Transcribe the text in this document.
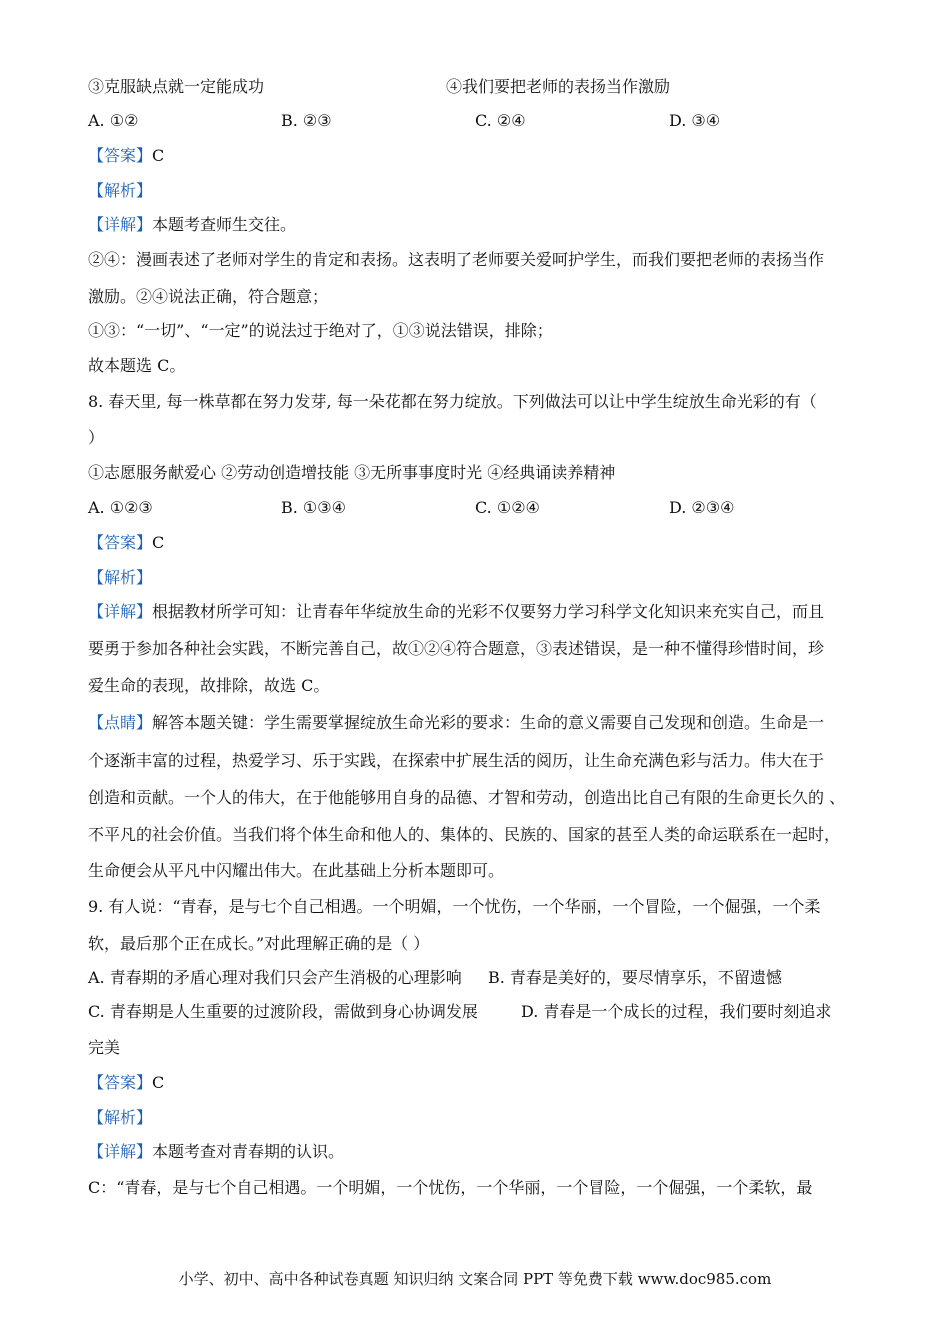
③克服缺点就一定能成功	④我们要把老师的表扬当作激励
A. ①②	B. ②③	C. ②④	D. ③④
【答案】C
【解析】
【详解】本题考查师生交往。
②④：漫画表述了老师对学生的肯定和表扬。这表明了老师要关爱呵护学生，而我们要把老师的表扬当作
激励。②④说法正确，符合题意；
①③：“一切”、“一定”的说法过于绝对了，①③说法错误，排除；
故本题选 C。
8. 春天里, 每一株草都在努力发芽, 每一朵花都在努力绽放。下列做法可以让中学生绽放生命光彩的有（
）
①志愿服务献爱心 ②劳动创造增技能 ③无所事事度时光 ④经典诵读养精神
A. ①②③	B. ①③④	C. ①②④	D. ②③④
【答案】C
【解析】
【详解】根据教材所学可知：让青春年华绽放生命的光彩不仅要努力学习科学文化知识来充实自己，而且
要勇于参加各种社会实践，不断完善自己，故①②④符合题意，③表述错误，是一种不懂得珍惜时间，珍
爱生命的表现，故排除，故选 C。
【点睛】解答本题关键：学生需要掌握绽放生命光彩的要求：生命的意义需要自己发现和创造。生命是一
个逐渐丰富的过程，热爱学习、乐于实践，在探索中扩展生活的阅历，让生命充满色彩与活力。伟大在于
创造和贡献。一个人的伟大，在于他能够用自身的品德、才智和劳动，创造出比自己有限的生命更长久的 、
不平凡的社会价值。当我们将个体生命和他人的、集体的、民族的、国家的甚至人类的命运联系在一起时，
生命便会从平凡中闪耀出伟大。在此基础上分析本题即可。
9. 有人说：“青春，是与七个自己相遇。一个明媚，一个忧伤，一个华丽，一个冒险，一个倔强，一个柔
软，最后那个正在成长。”对此理解正确的是（ ）
A. 青春期的矛盾心理对我们只会产生消极的心理影响 B. 青春是美好的，要尽情享乐，不留遗憾
C. 青春期是人生重要的过渡阶段，需做到身心协调发展	D. 青春是一个成长的过程，我们要时刻追求
完美
【答案】C
【解析】
【详解】本题考查对青春期的认识。
C：“青春，是与七个自己相遇。一个明媚，一个忧伤，一个华丽，一个冒险，一个倔强，一个柔软，最
小学、初中、高中各种试卷真题 知识归纳 文案合同 PPT 等免费下载 www.doc985.com
